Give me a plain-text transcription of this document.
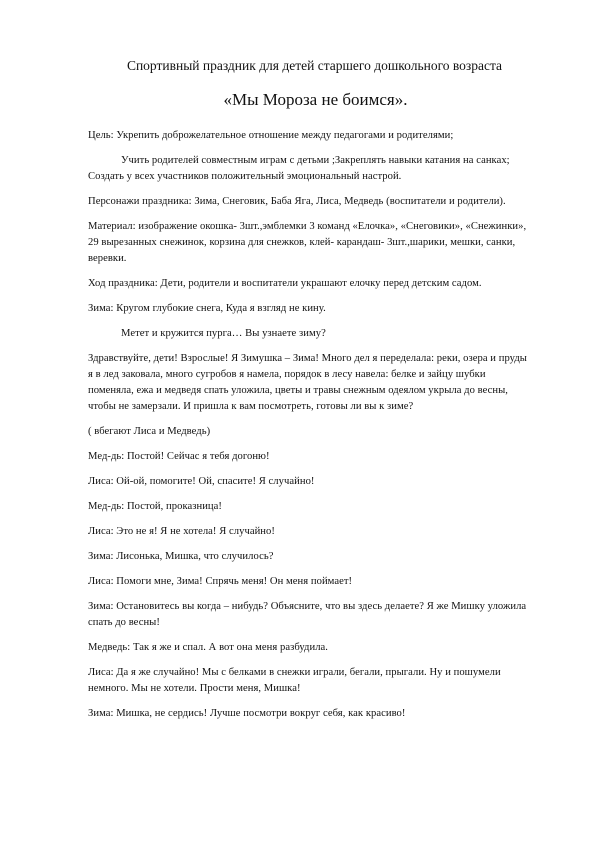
Спортивный праздник для детей старшего дошкольного возраста
«Мы Мороза не боимся».

Цель: Укрепить доброжелательное отношение между педагогами и родителями;

Учить родителей совместным играм с детьми ;Закреплять навыки катания на санках; Создать у всех участников положительный эмоциональный настрой.

Персонажи праздника: Зима, Снеговик, Баба Яга, Лиса, Медведь (воспитатели и родители).

Материал: изображение окошка- 3шт.,эмблемки 3 команд «Елочка», «Снеговики», «Снежинки», 29 вырезанных снежинок, корзина для снежков, клей- карандаш- 3шт.,шарики, мешки, санки, веревки.

Ход праздника: Дети, родители и воспитатели украшают елочку перед детским садом.

Зима: Кругом глубокие снега, Куда я взгляд не кину.

Метет и кружится пурга… Вы узнаете зиму?

Здравствуйте, дети! Взрослые! Я Зимушка – Зима! Много дел я переделала: реки, озера и пруды я в лед заковала, много сугробов я намела, порядок в лесу навела: белке и зайцу шубки поменяла, ежа и медведя спать уложила, цветы и травы снежным одеялом укрыла до весны, чтобы не замерзали. И пришла к вам посмотреть, готовы ли вы к зиме?

( вбегают Лиса и Медведь)

Мед-дь: Постой! Сейчас я тебя догоню!

Лиса: Ой-ой, помогите! Ой, спасите! Я случайно!

Мед-дь: Постой, проказница!

Лиса: Это не я! Я не хотела! Я случайно!

Зима: Лисонька, Мишка, что случилось?

Лиса: Помоги мне, Зима! Спрячь меня! Он меня поймает!

Зима: Остановитесь вы когда – нибудь? Объясните, что вы здесь делаете? Я же Мишку уложила спать до весны!

Медведь: Так я же и спал. А вот она меня разбудила.

Лиса: Да я же случайно! Мы с белками в снежки играли, бегали, прыгали. Ну и пошумели немного. Мы не хотели. Прости меня, Мишка!

Зима: Мишка, не сердись! Лучше посмотри вокруг себя, как красиво!
